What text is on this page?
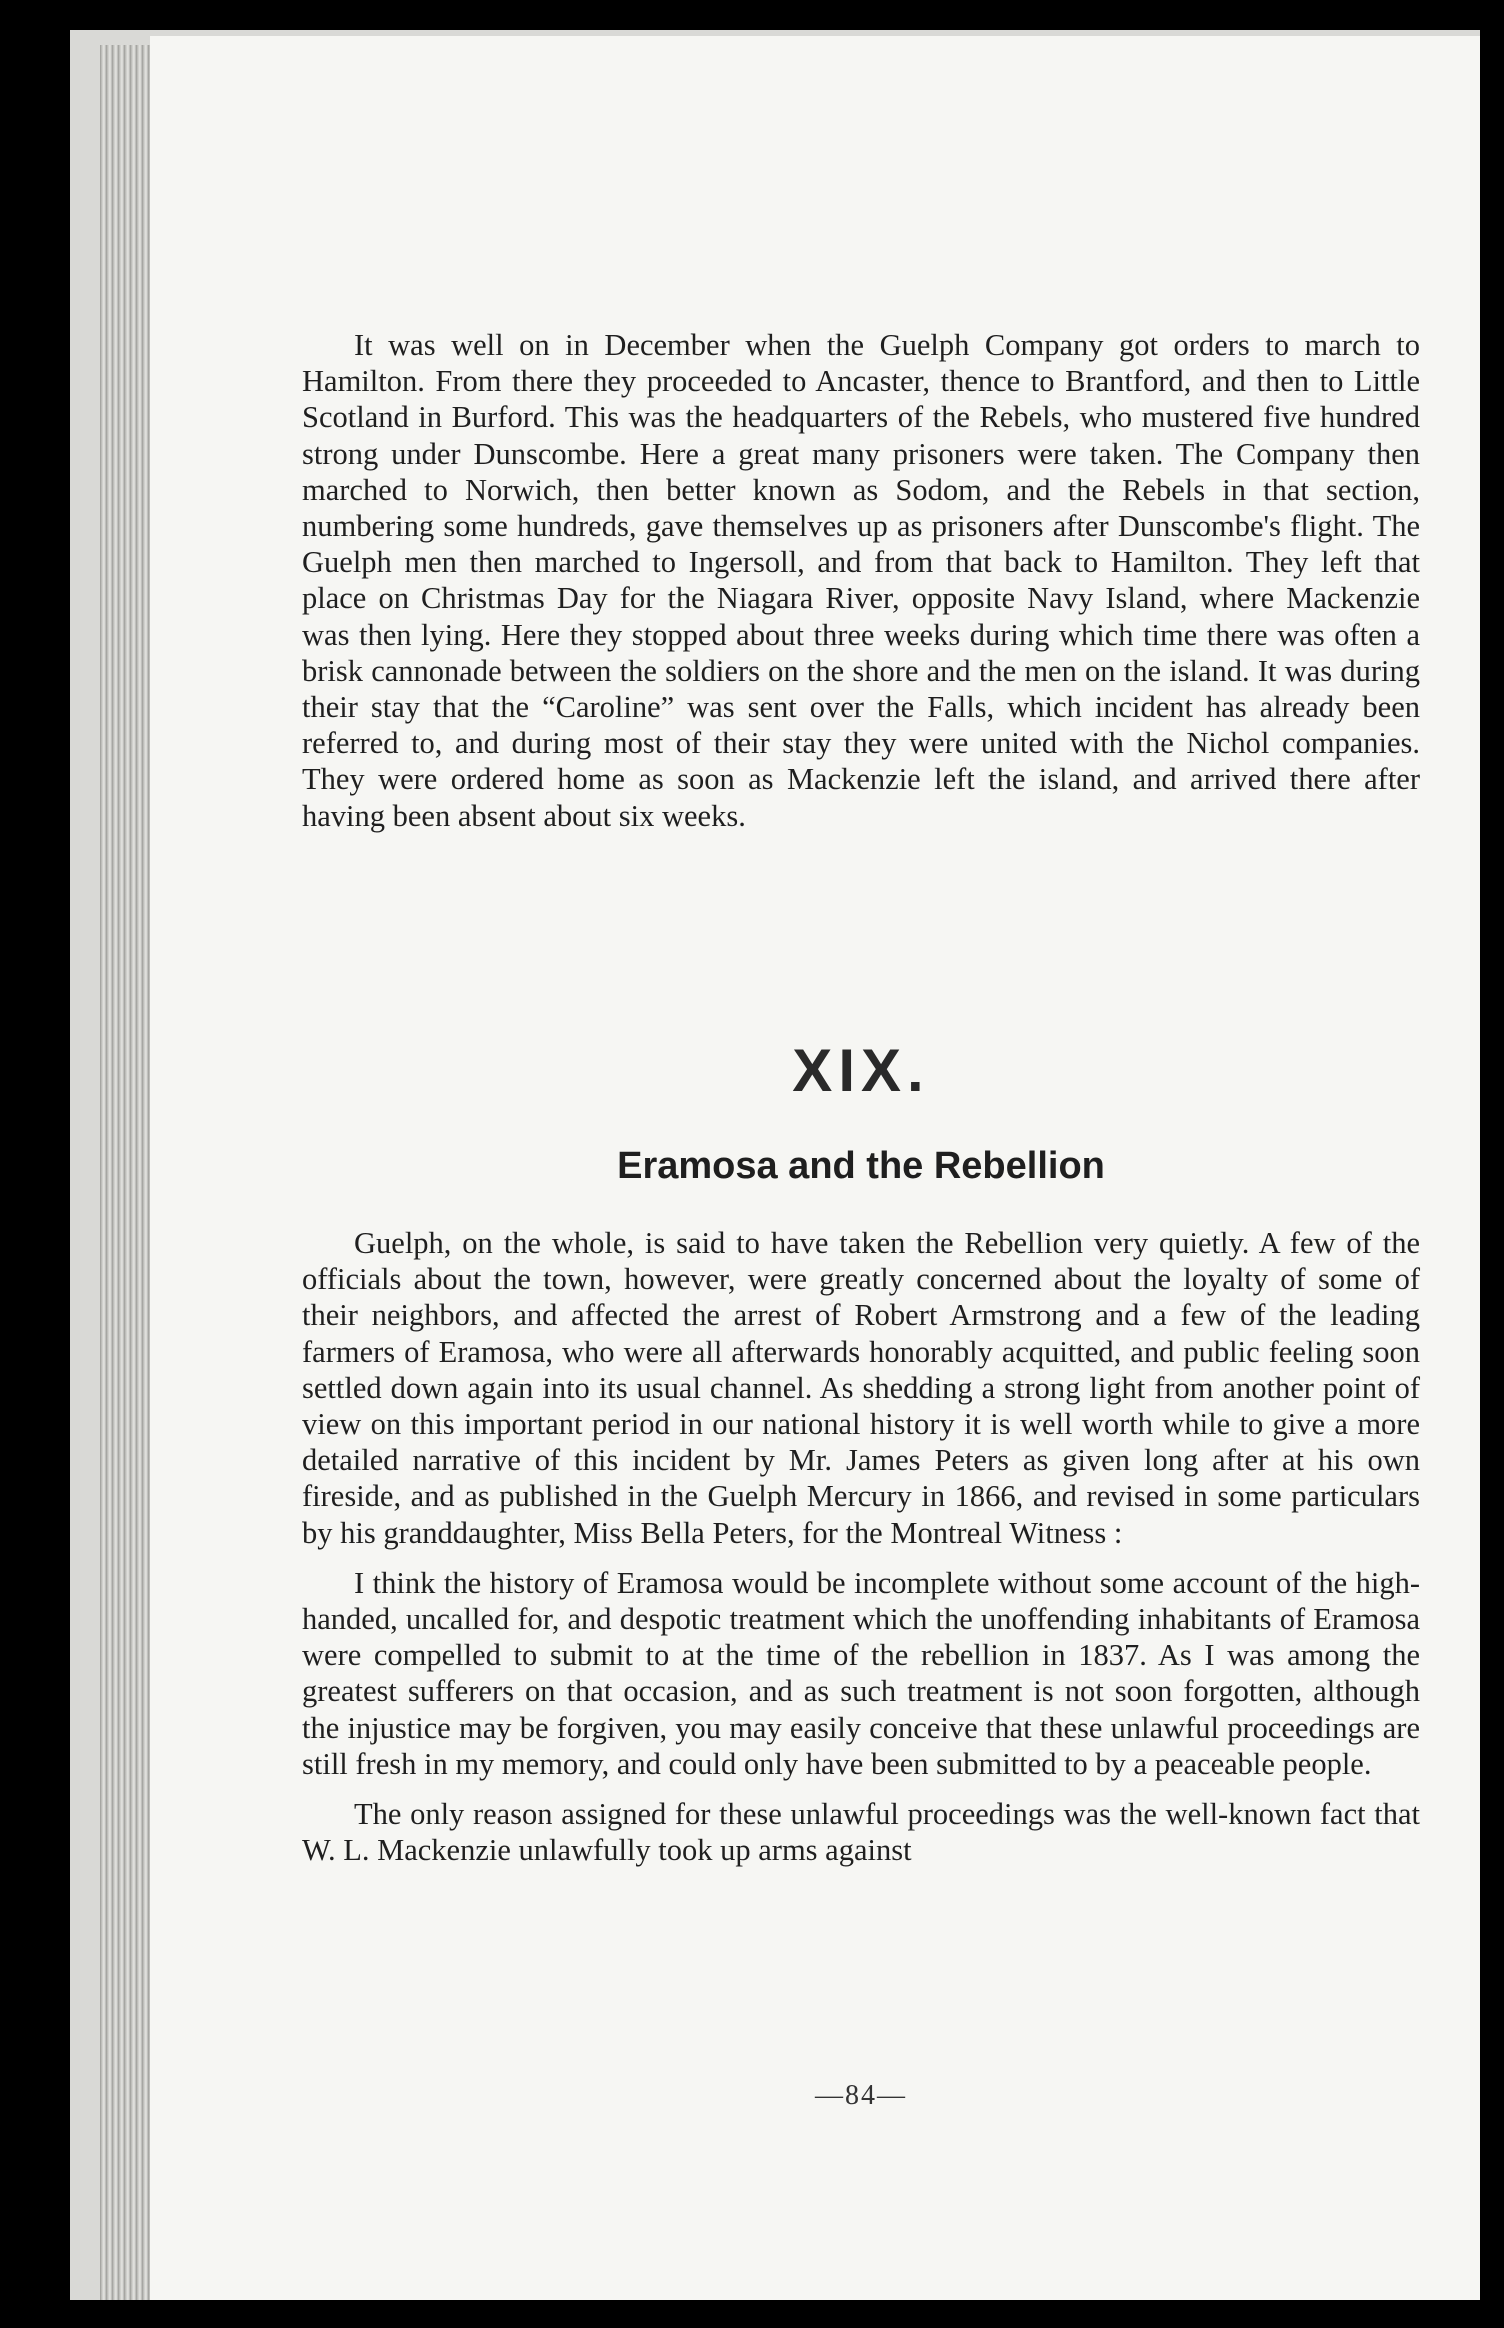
It was well on in December when the Guelph Company got orders to march to Hamilton. From there they proceeded to Ancaster, thence to Brantford, and then to Little Scotland in Burford. This was the headquarters of the Rebels, who mustered five hundred strong under Dunscombe. Here a great many prisoners were taken. The Company then marched to Norwich, then better known as Sodom, and the Rebels in that section, numbering some hundreds, gave themselves up as prisoners after Dunscombe's flight. The Guelph men then marched to Ingersoll, and from that back to Hamilton. They left that place on Christmas Day for the Niagara River, opposite Navy Island, where Mackenzie was then lying. Here they stopped about three weeks during which time there was often a brisk cannonade between the soldiers on the shore and the men on the island. It was during their stay that the “Caroline” was sent over the Falls, which incident has already been referred to, and during most of their stay they were united with the Nichol companies. They were ordered home as soon as Mackenzie left the island, and arrived there after having been absent about six weeks.

XIX.
Eramosa and the Rebellion

Guelph, on the whole, is said to have taken the Rebellion very quietly. A few of the officials about the town, however, were greatly concerned about the loyalty of some of their neighbors, and affected the arrest of Robert Armstrong and a few of the leading farmers of Eramosa, who were all afterwards honorably acquitted, and public feeling soon settled down again into its usual channel. As shedding a strong light from another point of view on this important period in our national history it is well worth while to give a more detailed narrative of this incident by Mr. James Peters as given long after at his own fireside, and as published in the Guelph Mercury in 1866, and revised in some particulars by his granddaughter, Miss Bella Peters, for the Montreal Witness :

I think the history of Eramosa would be incomplete without some account of the high-handed, uncalled for, and despotic treatment which the unoffending inhabitants of Eramosa were compelled to submit to at the time of the rebellion in 1837. As I was among the greatest sufferers on that occasion, and as such treatment is not soon forgotten, although the injustice may be forgiven, you may easily conceive that these unlawful proceedings are still fresh in my memory, and could only have been submitted to by a peaceable people.

The only reason assigned for these unlawful proceedings was the well-known fact that W. L. Mackenzie unlawfully took up arms against

—84—
